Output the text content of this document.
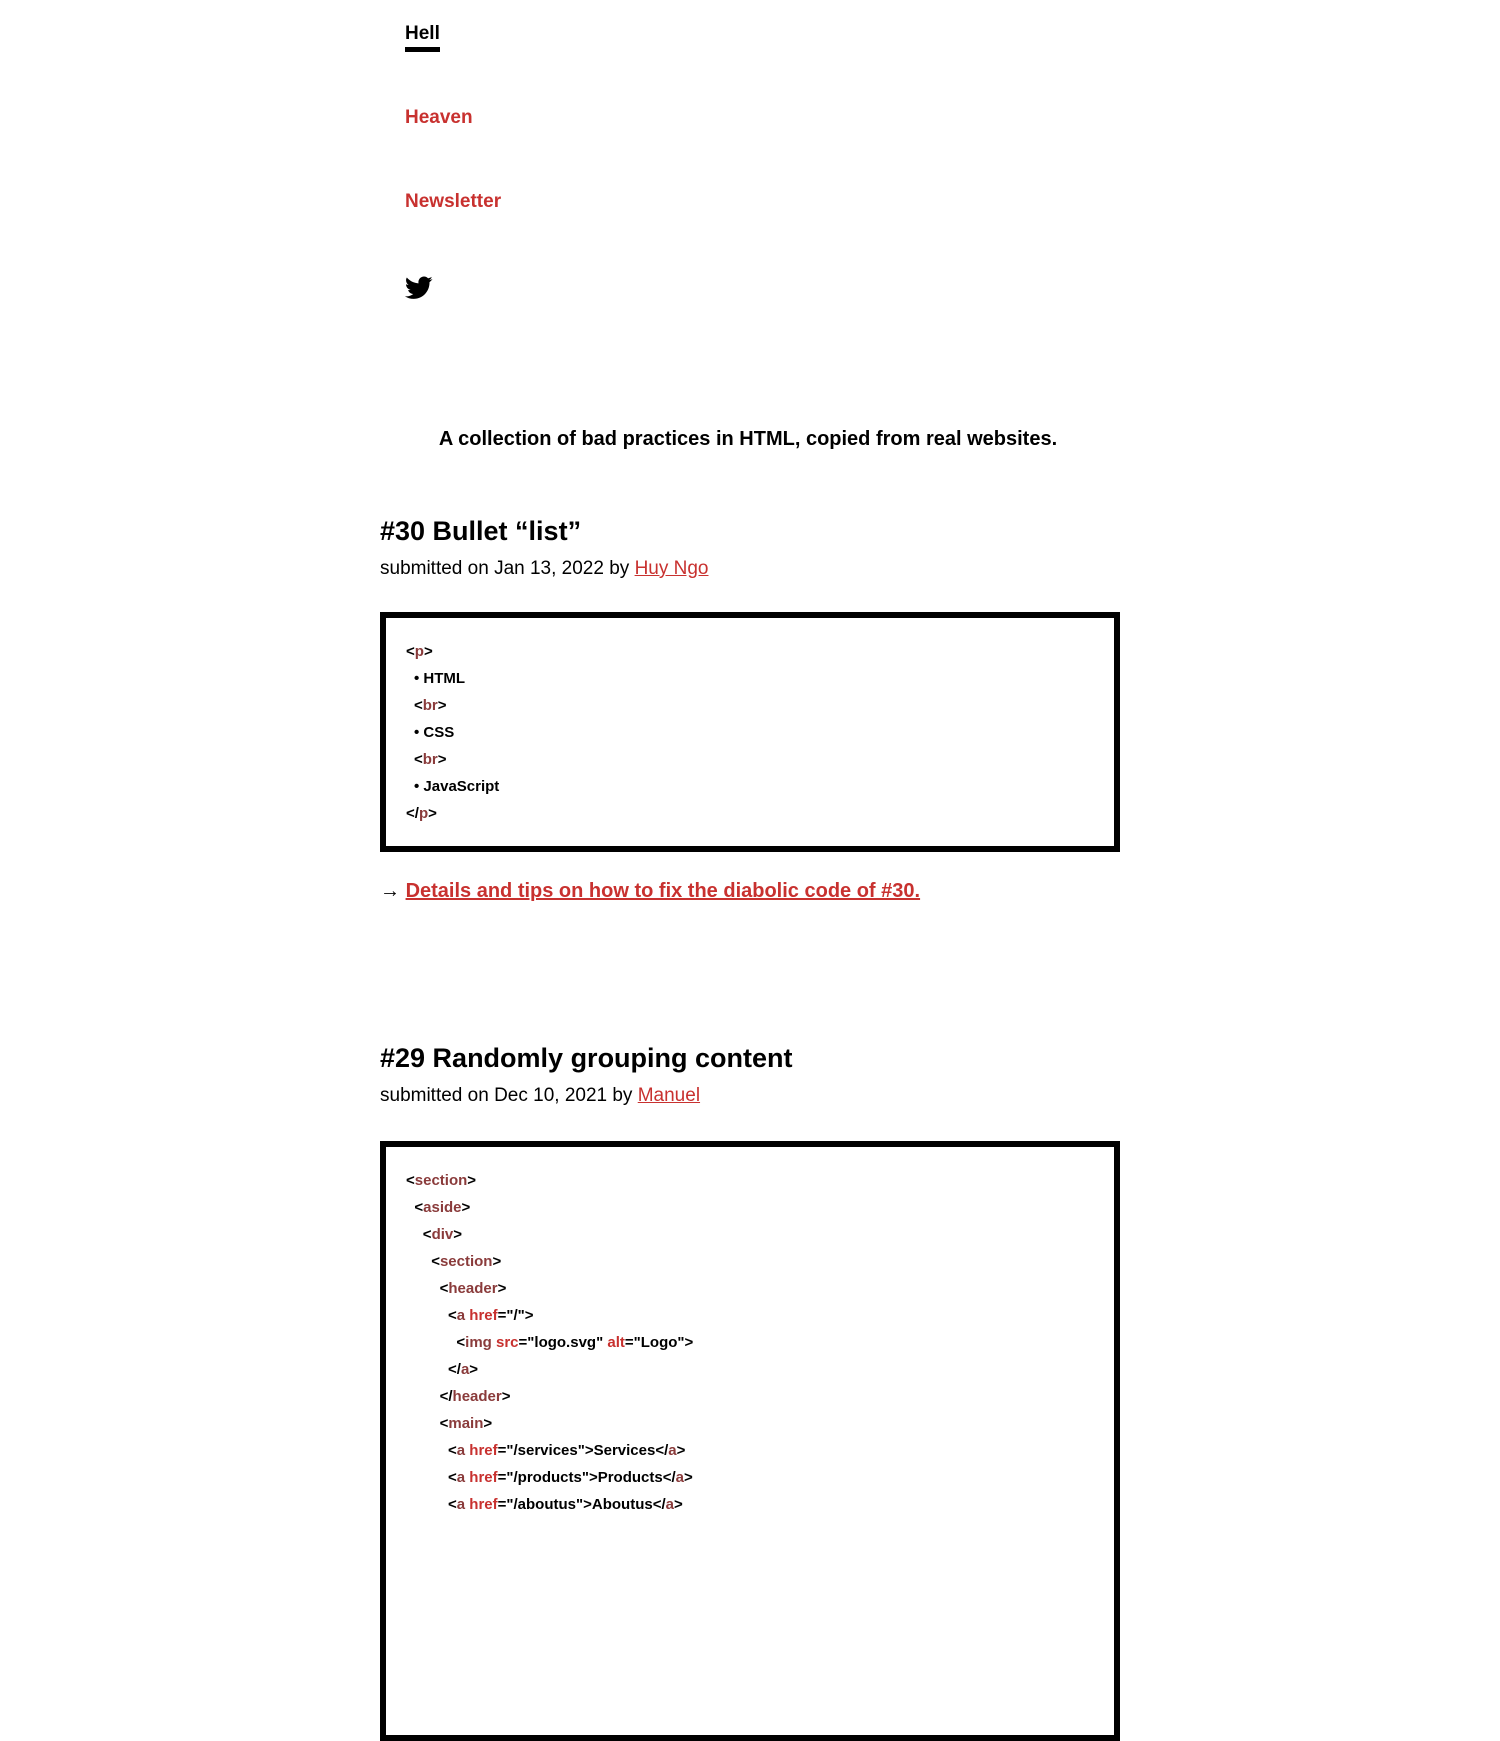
Hell
Heaven
Newsletter
A collection of bad practices in HTML, copied from real websites.
#30 Bullet “list”
submitted on Jan 13, 2022 by Huy Ngo
<p>
• HTML
<br>
• CSS
<br>
• JavaScript
</p>
→ Details and tips on how to fix the diabolic code of #30.
#29 Randomly grouping content
submitted on Dec 10, 2021 by Manuel
<section>
<aside>
<div>
<section>
<header>
<a href="/">
<img src="logo.svg" alt="Logo">
</a>
</header>
<main>
<a href="/services">Services</a>
<a href="/products">Products</a>
<a href="/aboutus">Aboutus</a>
